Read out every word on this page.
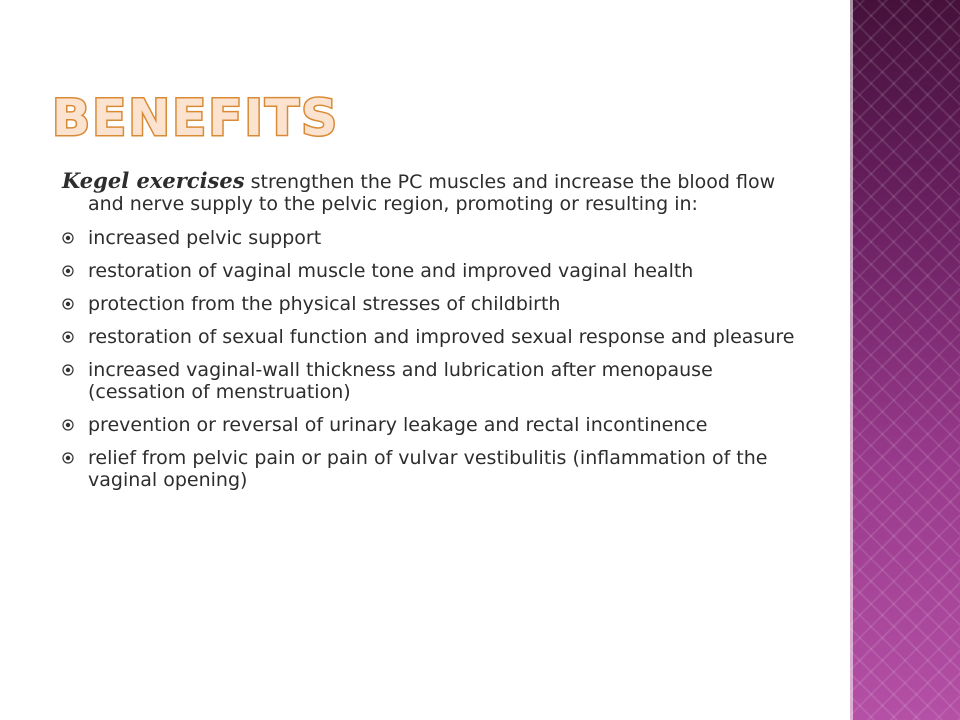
BENEFITS

Kegel exercises strengthen the PC muscles and increase the blood flow and nerve supply to the pelvic region, promoting or resulting in:

increased pelvic support
restoration of vaginal muscle tone and improved vaginal health
protection from the physical stresses of childbirth
restoration of sexual function and improved sexual response and pleasure
increased vaginal-wall thickness and lubrication after menopause (cessation of menstruation)
prevention or reversal of urinary leakage and rectal incontinence
relief from pelvic pain or pain of vulvar vestibulitis (inflammation of the vaginal opening)
